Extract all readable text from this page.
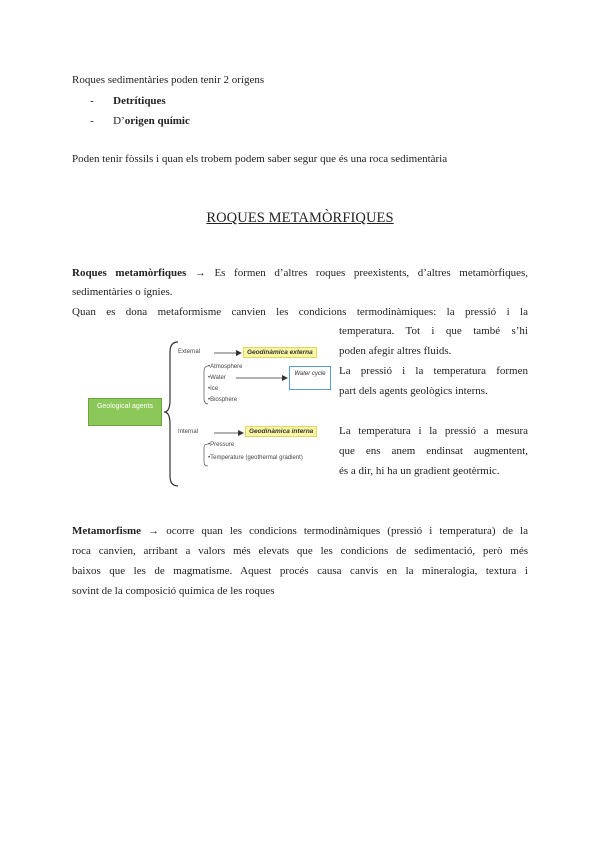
Roques sedimentàries poden tenir 2 orígens
- Detrítiques
- D’origen químic
Poden tenir fòssils i quan els trobem podem saber segur que és una roca sedimentària
ROQUES METAMÒRFIQUES
Roques metamòrfiques → Es formen d’altres roques preexistents, d’altres metamòrfiques,
sedimentàries o ígnies.
Quan es dona metaformisme canvien les condicions termodinàmiques: la pressió i la
temperatura. Tot i que també s’hi
poden afegir altres fluids.
La pressió i la temperatura formen
part dels agents geològics interns.
La temperatura i la pressió a mesura
que ens anem endinsat augmentent,
és a dir, hi ha un gradient geotèrmic.
Geological agents
External	Geodinàmica externa
•Atmosphere
•Water
•Ice
•Biosphere
Water cycle
Internal	Geodinàmica interna
•Pressure
•Temperature (geothermal gradient)
Metamorfisme → ocorre quan les condicions termodinàmiques (pressió i temperatura) de la
roca canvien, arribant a valors més elevats que les condicions de sedimentació, però més
baixos que les de magmatisme. Aquest procés causa canvis en la mineralogia, textura i
sovint de la composició química de les roques
